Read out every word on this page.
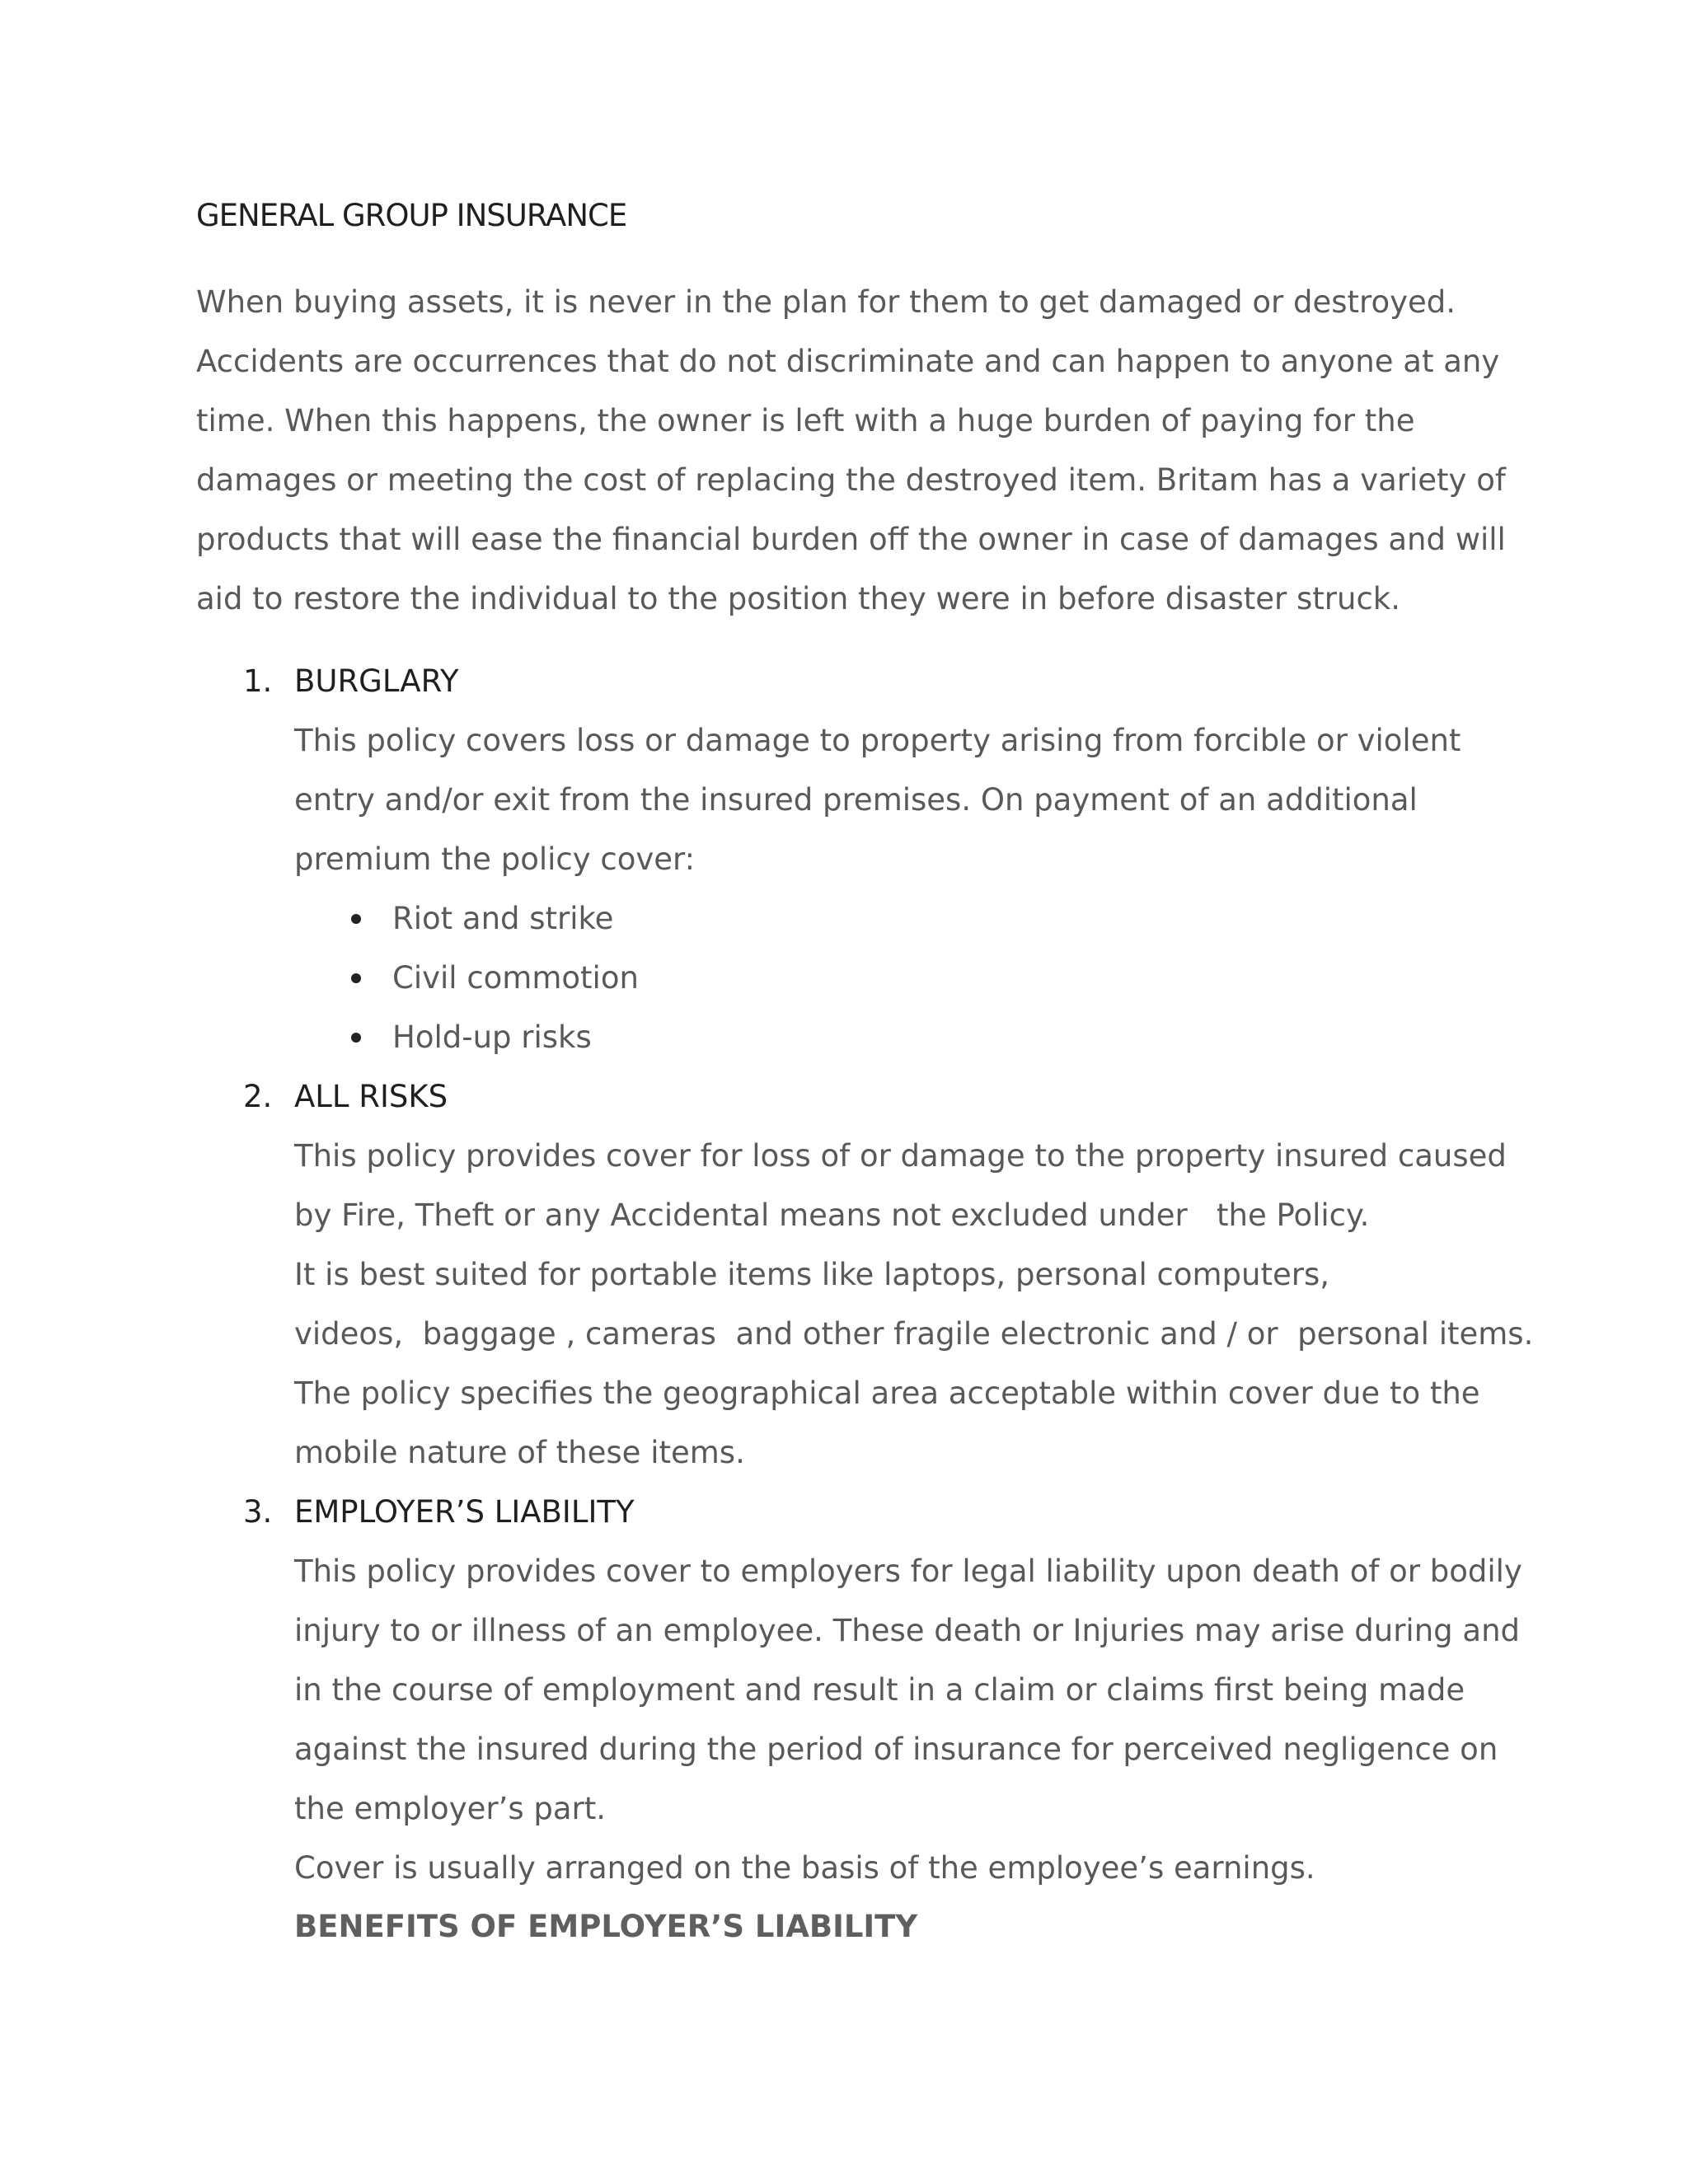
GENERAL GROUP INSURANCE
When buying assets, it is never in the plan for them to get damaged or destroyed.
Accidents are occurrences that do not discriminate and can happen to anyone at any
time. When this happens, the owner is left with a huge burden of paying for the
damages or meeting the cost of replacing the destroyed item. Britam has a variety of
products that will ease the financial burden off the owner in case of damages and will
aid to restore the individual to the position they were in before disaster struck.
1. BURGLARY
This policy covers loss or damage to property arising from forcible or violent
entry and/or exit from the insured premises. On payment of an additional
premium the policy cover:
Riot and strike
Civil commotion
Hold-up risks
2. ALL RISKS
This policy provides cover for loss of or damage to the property insured caused
by Fire, Theft or any Accidental means not excluded under   the Policy.
It is best suited for portable items like laptops, personal computers,
videos,  baggage , cameras  and other fragile electronic and / or  personal items.
The policy specifies the geographical area acceptable within cover due to the
mobile nature of these items.
3. EMPLOYER’S LIABILITY
This policy provides cover to employers for legal liability upon death of or bodily
injury to or illness of an employee. These death or Injuries may arise during and
in the course of employment and result in a claim or claims first being made
against the insured during the period of insurance for perceived negligence on
the employer’s part.
Cover is usually arranged on the basis of the employee’s earnings.
BENEFITS OF EMPLOYER’S LIABILITY
